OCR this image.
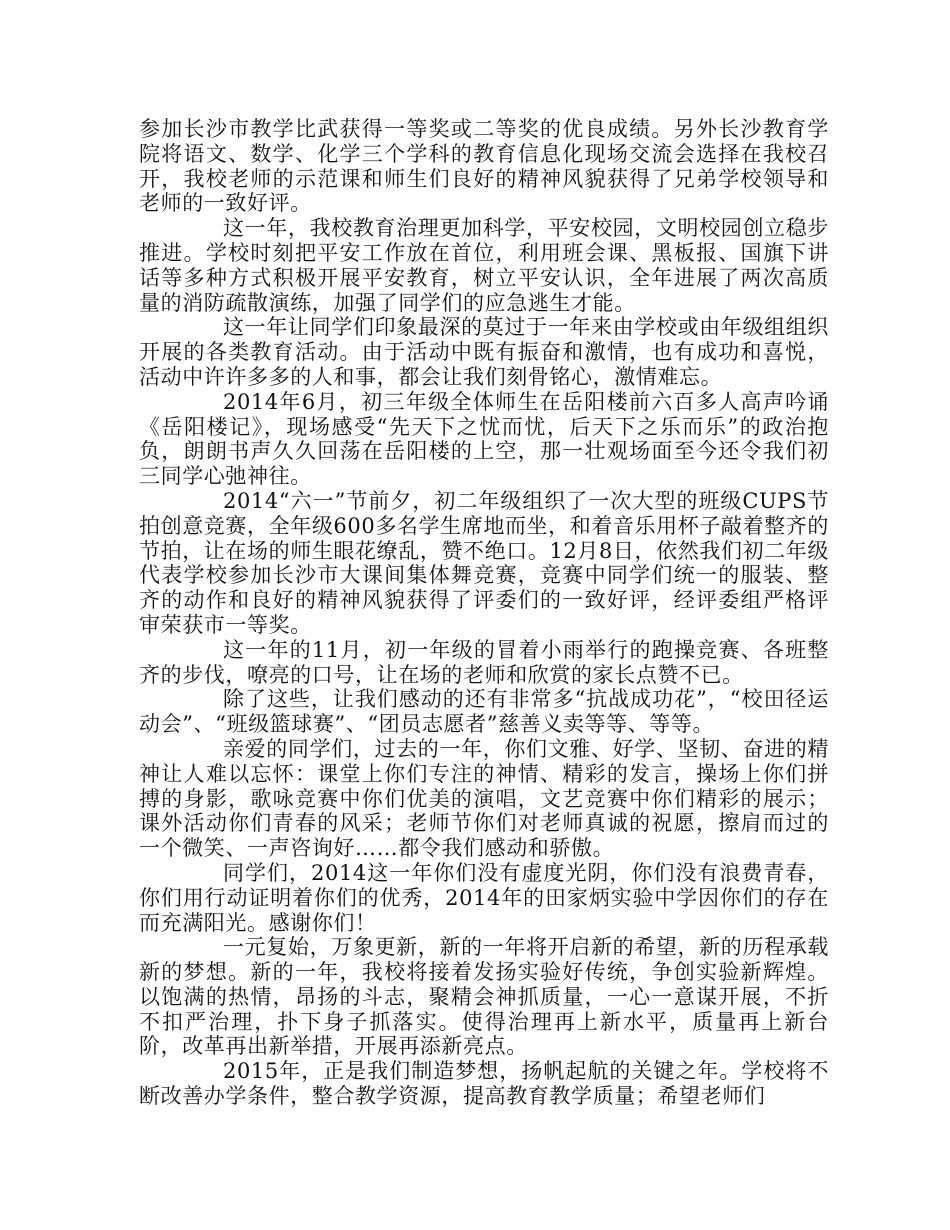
参加长沙市教学比武获得一等奖或二等奖的优良成绩。另外长沙教育学院将语文、数学、化学三个学科的教育信息化现场交流会选择在我校召开，我校老师的示范课和师生们良好的精神风貌获得了兄弟学校领导和老师的一致好评。

这一年，我校教育治理更加科学，平安校园，文明校园创立稳步推进。学校时刻把平安工作放在首位，利用班会课、黑板报、国旗下讲话等多种方式积极开展平安教育，树立平安认识，全年进展了两次高质量的消防疏散演练，加强了同学们的应急逃生才能。

这一年让同学们印象最深的莫过于一年来由学校或由年级组组织开展的各类教育活动。由于活动中既有振奋和激情，也有成功和喜悦，活动中许许多多的人和事，都会让我们刻骨铭心，激情难忘。

2014年6月，初三年级全体师生在岳阳楼前六百多人高声吟诵《岳阳楼记》，现场感受“先天下之忧而忧，后天下之乐而乐”的政治抱负，朗朗书声久久回荡在岳阳楼的上空，那一壮观场面至今还令我们初三同学心弛神往。

2014“六一”节前夕，初二年级组织了一次大型的班级CUPS节拍创意竞赛，全年级600多名学生席地而坐，和着音乐用杯子敲着整齐的节拍，让在场的师生眼花缭乱，赞不绝口。12月8日，依然我们初二年级代表学校参加长沙市大课间集体舞竞赛，竞赛中同学们统一的服装、整齐的动作和良好的精神风貌获得了评委们的一致好评，经评委组严格评审荣获市一等奖。

这一年的11月，初一年级的冒着小雨举行的跑操竞赛、各班整齐的步伐，嘹亮的口号，让在场的老师和欣赏的家长点赞不已。

除了这些，让我们感动的还有非常多“抗战成功花”，“校田径运动会”、“班级篮球赛”、“团员志愿者”慈善义卖等等、等等。

亲爱的同学们，过去的一年，你们文雅、好学、坚韧、奋进的精神让人难以忘怀：课堂上你们专注的神情、精彩的发言，操场上你们拼搏的身影，歌咏竞赛中你们优美的演唱，文艺竞赛中你们精彩的展示；课外活动你们青春的风采；老师节你们对老师真诚的祝愿，擦肩而过的一个微笑、一声咨询好……都令我们感动和骄傲。

同学们，2014这一年你们没有虚度光阴，你们没有浪费青春，你们用行动证明着你们的优秀，2014年的田家炳实验中学因你们的存在而充满阳光。感谢你们！

一元复始，万象更新，新的一年将开启新的希望，新的历程承载新的梦想。新的一年，我校将接着发扬实验好传统，争创实验新辉煌。以饱满的热情，昂扬的斗志，聚精会神抓质量，一心一意谋开展，不折不扣严治理，扑下身子抓落实。使得治理再上新水平，质量再上新台阶，改革再出新举措，开展再添新亮点。

2015年，正是我们制造梦想，扬帆起航的关键之年。学校将不断改善办学条件，整合教学资源，提高教育教学质量；希望老师们
